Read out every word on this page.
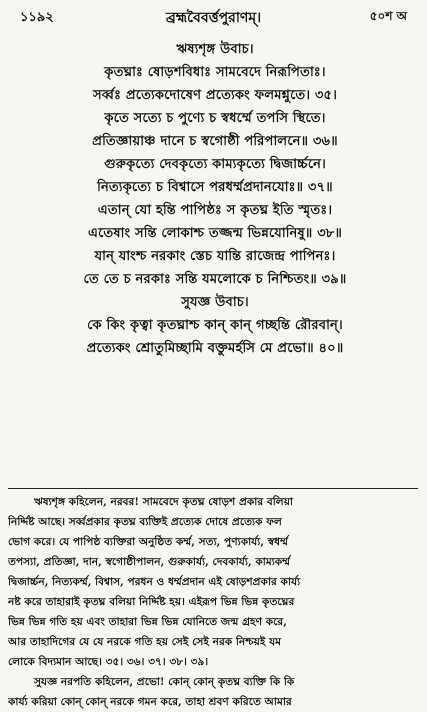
১১৯২	ব্রহ্মবৈবর্ত্তপুরাণম্।	৫০শ অ
ঋষ্যশৃঙ্গ উবাচ।
কৃতঘ্নাঃ ষোড়শবিধাঃ সামবেদে নিরূপিতাঃ।
সর্ব্বঃ প্রত্যেকদোষেণ প্রত্যেকং ফলমশ্নুতে। ৩৫।
কৃতে সত্যে চ পুণ্যে চ স্বধর্ম্মে তপসি স্থিতে।
প্রতিজ্ঞায়াঞ্চ দানে চ স্বগোষ্ঠী পরিপালনে॥ ৩৬॥
গুরুকৃত্যে দেবকৃত্যে কাম্যকৃত্যে দ্বিজার্চ্চনে।
নিত্যকৃত্যে চ বিশ্বাসে পরধর্ম্মপ্রদানযোঃ॥ ৩৭॥
এতান্ যো হন্তি পাপিষ্ঠঃ স কৃতঘ্ন ইতি স্মৃতঃ।
এতেষাং সন্তি লোকাশ্চ তজ্জন্ম ভিন্নযোনিষু॥ ৩৮॥
যান্ যাংশ্চ নরকাং স্তেচ যান্তি রাজেন্দ্র পাপিনঃ।
তে তে চ নরকাঃ সন্তি যমলোকে চ নিশ্চিতং॥ ৩৯॥
সুযজ্ঞ উবাচ।
কে কিং কৃত্বা কৃতঘ্নাশ্চ কান্ কান্ গচ্ছন্তি রৌরবান্।
প্রত্যেকং শ্রোতুমিচ্ছামি বক্তুমর্হসি মে প্রভো॥ ৪০॥
ঋষ্যশৃঙ্গ কহিলেন, নরবর! সামবেদে কৃতঘ্ন ষোড়শ প্রকার বলিয়া
নির্দ্দিষ্ট আছে। সর্ব্বপ্রকার কৃতঘ্ন ব্যক্তিই প্রত্যেক দোষে প্রত্যেক ফল
ভোগ করে। যে পাপিষ্ঠ ব্যক্তিরা অনুষ্ঠিত কর্ম্ম, সত্য, পুণ্যকার্য্য, স্বধর্ম্ম
তপস্যা, প্রতিজ্ঞা, দান, স্বগোষ্ঠীপালন, গুরুকার্য্য, দেবকার্য্য, কাম্যকর্ম্ম
দ্বিজার্চ্চন, নিত্যকর্ম্ম, বিশ্বাস, পরধন ও ধর্ম্মপ্রদান এই ষোড়শপ্রকার কার্য্য
নষ্ট করে তাহারাই কৃতঘ্ন বলিয়া নির্দ্দিষ্ট হয়। এইরূপ ভিন্ন ভিন্ন কৃতঘ্নের
ভিন্ন ভিন্ন গতি হয় এবং তাহারা ভিন্ন ভিন্ন যোনিতে জন্ম গ্রহণ করে,
আর তাহাদিগের যে যে নরকে গতি হয় সেই সেই নরক নিশ্চয়ই যম
লোকে বিদ্যমান আছে। ৩৫। ৩৬। ৩৭। ৩৮। ৩৯।
সুযজ্ঞ নরপতি কহিলেন, প্রভো! কোন্ কোন্ কৃতঘ্ন ব্যক্তি কি কি
কার্য্য করিয়া কোন্ কোন্ নরকে গমন করে, তাহা শ্রবণ করিতে আমার
